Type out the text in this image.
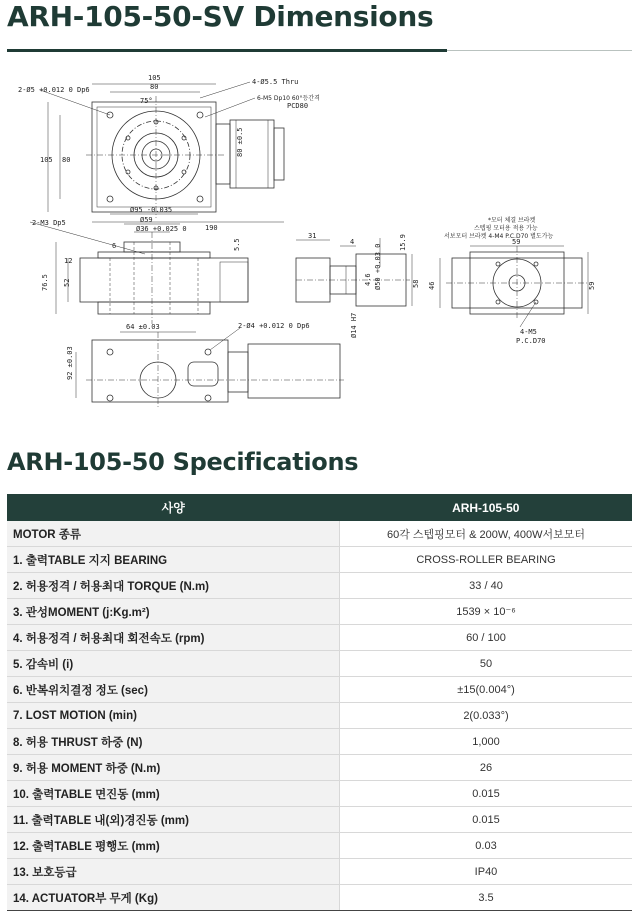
ARH-105-50-SV Dimensions
105
80
75°
105 80
190
4-Ø5.5 Thru
6-M5 Dp10 60°등간격
PCD80
2-Ø5 +0.012 0 Dp6
80 ±0.5
2-M3 Dp5
Ø95 -0.035
Ø59
Ø36 +0.025 0
6
12
76.5 52
5.5
31
4	15.9
58
Ø50 +0.03 0
Ø14 H7
4.6
*모터 체결 브라켓
스텝핑 모터용 적용 가능
서보모터 브라켓 4-M4 P.C.D70 별도가능
59
59
46
4-M5
P.C.D70
64 ±0.03	2-Ø4 +0.012 0 Dp6
92 ±0.03
ARH-105-50 Specifications
사양	ARH-105-50
MOTOR 종류	60각 스텝핑모터 & 200W, 400W서보모터
1. 출력TABLE 지지 BEARING	CROSS-ROLLER BEARING
2. 허용정격 / 허용최대 TORQUE (N.m)	33 / 40
3. 관성MOMENT (j:Kg.m²)	1539 × 10⁻⁶
4. 허용정격 / 허용최대 회전속도 (rpm)	60 / 100
5. 감속비 (i)	50
6. 반복위치결정 정도 (sec)	±15(0.004°)
7. LOST MOTION (min)	2(0.033°)
8. 허용 THRUST 하중 (N)	1,000
9. 허용 MOMENT 하중 (N.m)	26
10. 출력TABLE 면진동 (mm)	0.015
11. 출력TABLE 내(외)경진동 (mm)	0.015
12. 출력TABLE 평행도 (mm)	0.03
13. 보호등급	IP40
14. ACTUATOR부 무게 (Kg)	3.5
